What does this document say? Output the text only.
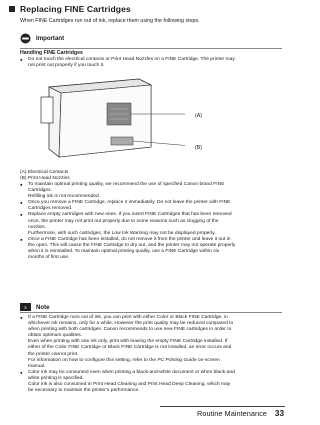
Replacing FINE Cartridges
When FINE Cartridges run out of ink, replace them using the following steps.
Important
Handling FINE Cartridges
● Do not touch the electrical contacts or Print Head Nozzles on a FINE Cartridge. The printer may
not print out properly if you touch it.
(A)
(B)
(A) Electrical Contacts
(B) Print Head Nozzles
● To maintain optimal printing quality, we recommend the use of specified Canon brand FINE
Cartridges.
Refilling ink is not recommended.
● Once you remove a FINE Cartridge, replace it immediately. Do not leave the printer with FINE
Cartridges removed.
● Replace empty cartridges with new ones. If you insert FINE Cartridges that has been removed
once, the printer may not print out properly due to some reasons such as clogging of the
nozzles.
Furthermore, with such cartridges, the Low Ink Warning may not be displayed properly.
● Once a FINE Cartridge has been installed, do not remove it from the printer and leave it out in
the open. This will cause the FINE Cartridge to dry out, and the printer may not operate properly
when it is reinstalled. To maintain optimal printing quality, use a FINE Cartridge within six
months of first use.
≡	Note
● If a FINE Cartridge runs out of ink, you can print with either Color or Black FINE Cartridge, in
whichever ink remains, only for a while. However the print quality may be reduced compared to
when printing with both cartridges. Canon recommends to use new FINE cartridges in order to
obtain optimum qualities.
Even when printing with one ink only, print with leaving the empty FINE Cartridge installed. If
either of the Color FINE Cartridge or Black FINE Cartridge is not installed, an error occurs and
the printer cannot print.
For information on how to configure this setting, refer to the PC Printing Guide on-screen
manual.
● Color ink may be consumed even when printing a black-and-white document or when black-and
white printing is specified.
Color ink is also consumed in Print Head Cleaning and Print Head Deep Cleaning, which may
be necessary to maintain the printer’s performance.
Routine Maintenance 33
